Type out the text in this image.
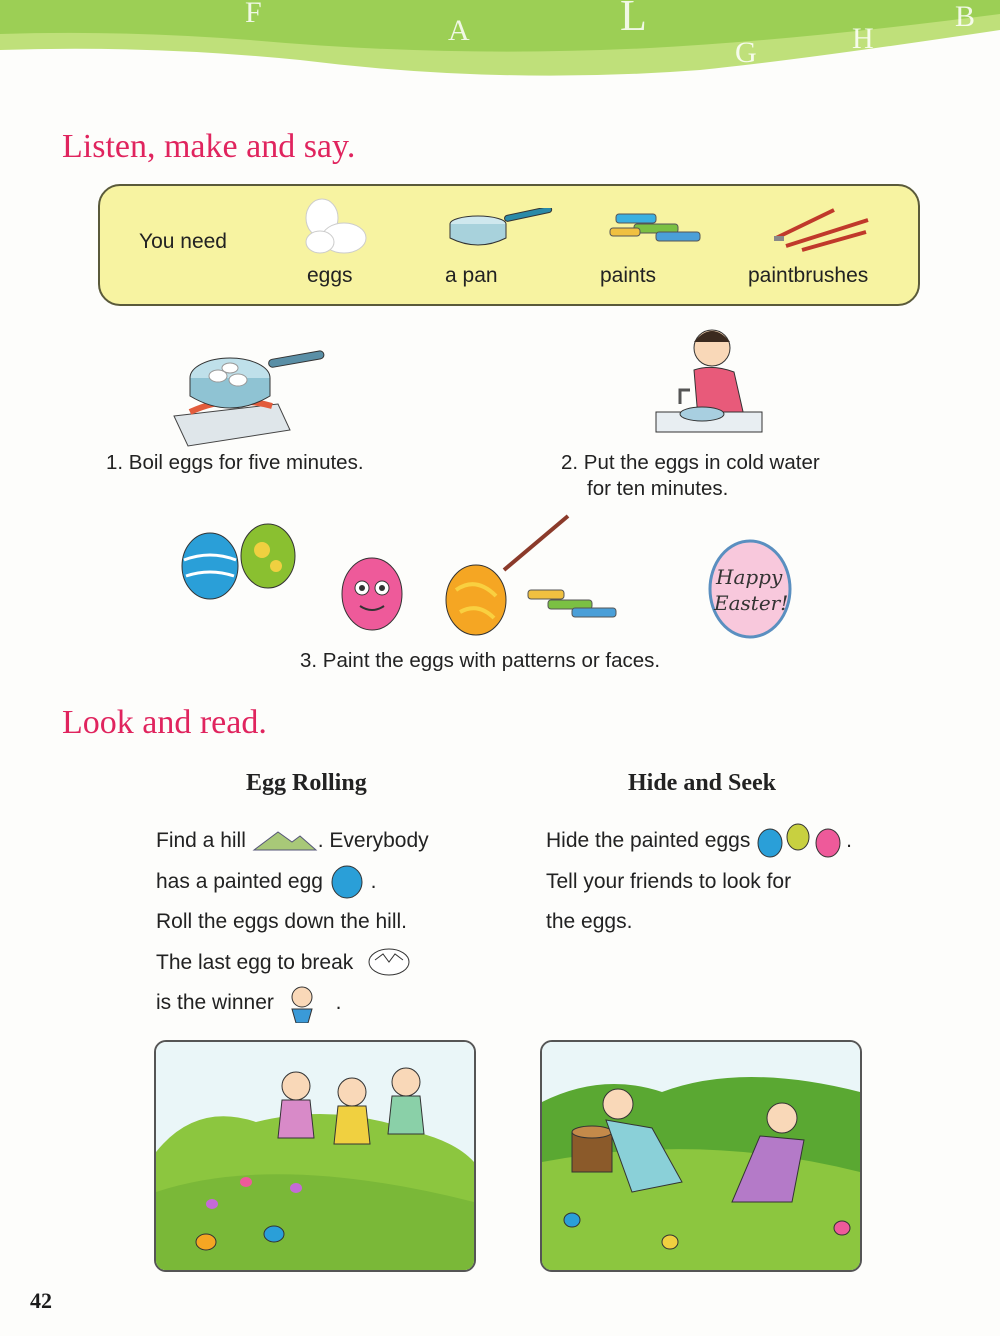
F
A	L
G	H
B
Listen, make and say.
You need
eggs	a pan	paints	paintbrushes
1. Boil eggs for five minutes.	2. Put the eggs in cold water
for ten minutes.
Happy
Easter!
3. Paint the eggs with patterns or faces.
Look and read.
Egg Rolling
Find a hill	. Everybody
has a painted egg .
Roll the eggs down the hill.
The last egg to break
is the winner	.
Hide and Seek
Hide the painted eggs	.
Tell your friends to look for
the eggs.
42
